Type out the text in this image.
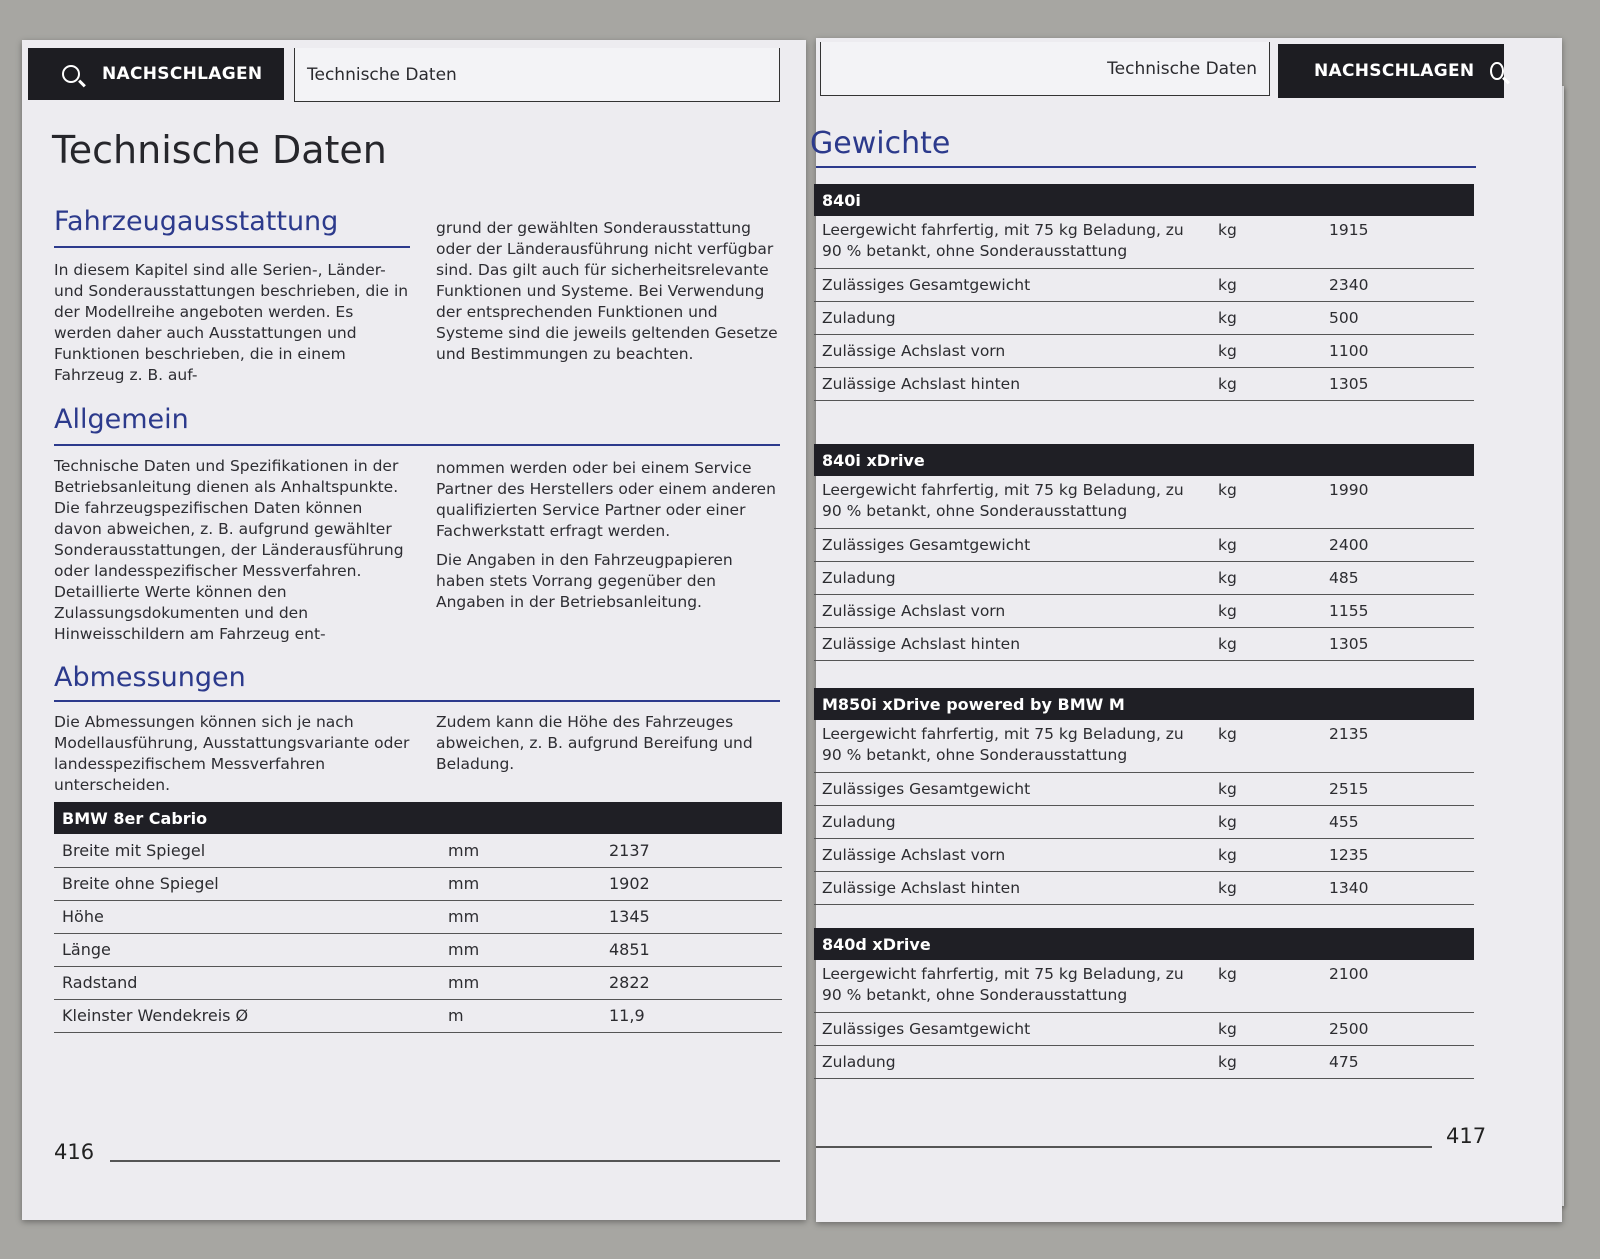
NACHSCHLAGEN	Technische Daten
Technische Daten
Fahrzeugausstattung
In diesem Kapitel sind alle Serien-, Länder- und Sonderausstattungen beschrieben, die in der Modellreihe angeboten werden. Es werden daher auch Ausstattungen und Funktionen beschrieben, die in einem Fahrzeug z. B. auf-
grund der gewählten Sonderausstattung oder der Länderausführung nicht verfügbar sind. Das gilt auch für sicherheitsrelevante Funktionen und Systeme. Bei Verwendung der entsprechenden Funktionen und Systeme sind die jeweils geltenden Gesetze und Bestimmungen zu beachten.
Allgemein
Technische Daten und Spezifikationen in der Betriebsanleitung dienen als Anhaltspunkte. Die fahrzeugspezifischen Daten können davon abweichen, z. B. aufgrund gewählter Sonderausstattungen, der Länderausführung oder landesspezifischer Messverfahren. Detaillierte Werte können den Zulassungsdokumenten und den Hinweisschildern am Fahrzeug ent-

nommen werden oder bei einem Service Partner des Herstellers oder einem anderen qualifizierten Service Partner oder einer Fachwerkstatt erfragt werden.

Die Angaben in den Fahrzeugpapieren haben stets Vorrang gegenüber den Angaben in der Betriebsanleitung.

Abmessungen
Die Abmessungen können sich je nach Modellausführung, Ausstattungsvariante oder landesspezifischem Messverfahren unterscheiden.
Zudem kann die Höhe des Fahrzeuges abweichen, z. B. aufgrund Bereifung und Beladung.
BMW 8er Cabrio		
Breite mit Spiegel	mm	2137
Breite ohne Spiegel	mm	1902
Höhe	mm	1345
Länge	mm	4851
Radstand	mm	2822
Kleinster Wendekreis Ø	m	11,9
416
Technische Daten	NACHSCHLAGEN
Gewichte
840i		
Leergewicht fahrfertig, mit 75 kg Beladung, zu 90 % betankt, ohne Sonderausstattung	kg	1915
Zulässiges Gesamtgewicht	kg	2340
Zuladung	kg	500
Zulässige Achslast vorn	kg	1100
Zulässige Achslast hinten	kg	1305
840i xDrive		
Leergewicht fahrfertig, mit 75 kg Beladung, zu 90 % betankt, ohne Sonderausstattung	kg	1990
Zulässiges Gesamtgewicht	kg	2400
Zuladung	kg	485
Zulässige Achslast vorn	kg	1155
Zulässige Achslast hinten	kg	1305
M850i xDrive powered by BMW M		
Leergewicht fahrfertig, mit 75 kg Beladung, zu 90 % betankt, ohne Sonderausstattung	kg	2135
Zulässiges Gesamtgewicht	kg	2515
Zuladung	kg	455
Zulässige Achslast vorn	kg	1235
Zulässige Achslast hinten	kg	1340
840d xDrive		
Leergewicht fahrfertig, mit 75 kg Beladung, zu 90 % betankt, ohne Sonderausstattung	kg	2100
Zulässiges Gesamtgewicht	kg	2500
Zuladung	kg	475
417
